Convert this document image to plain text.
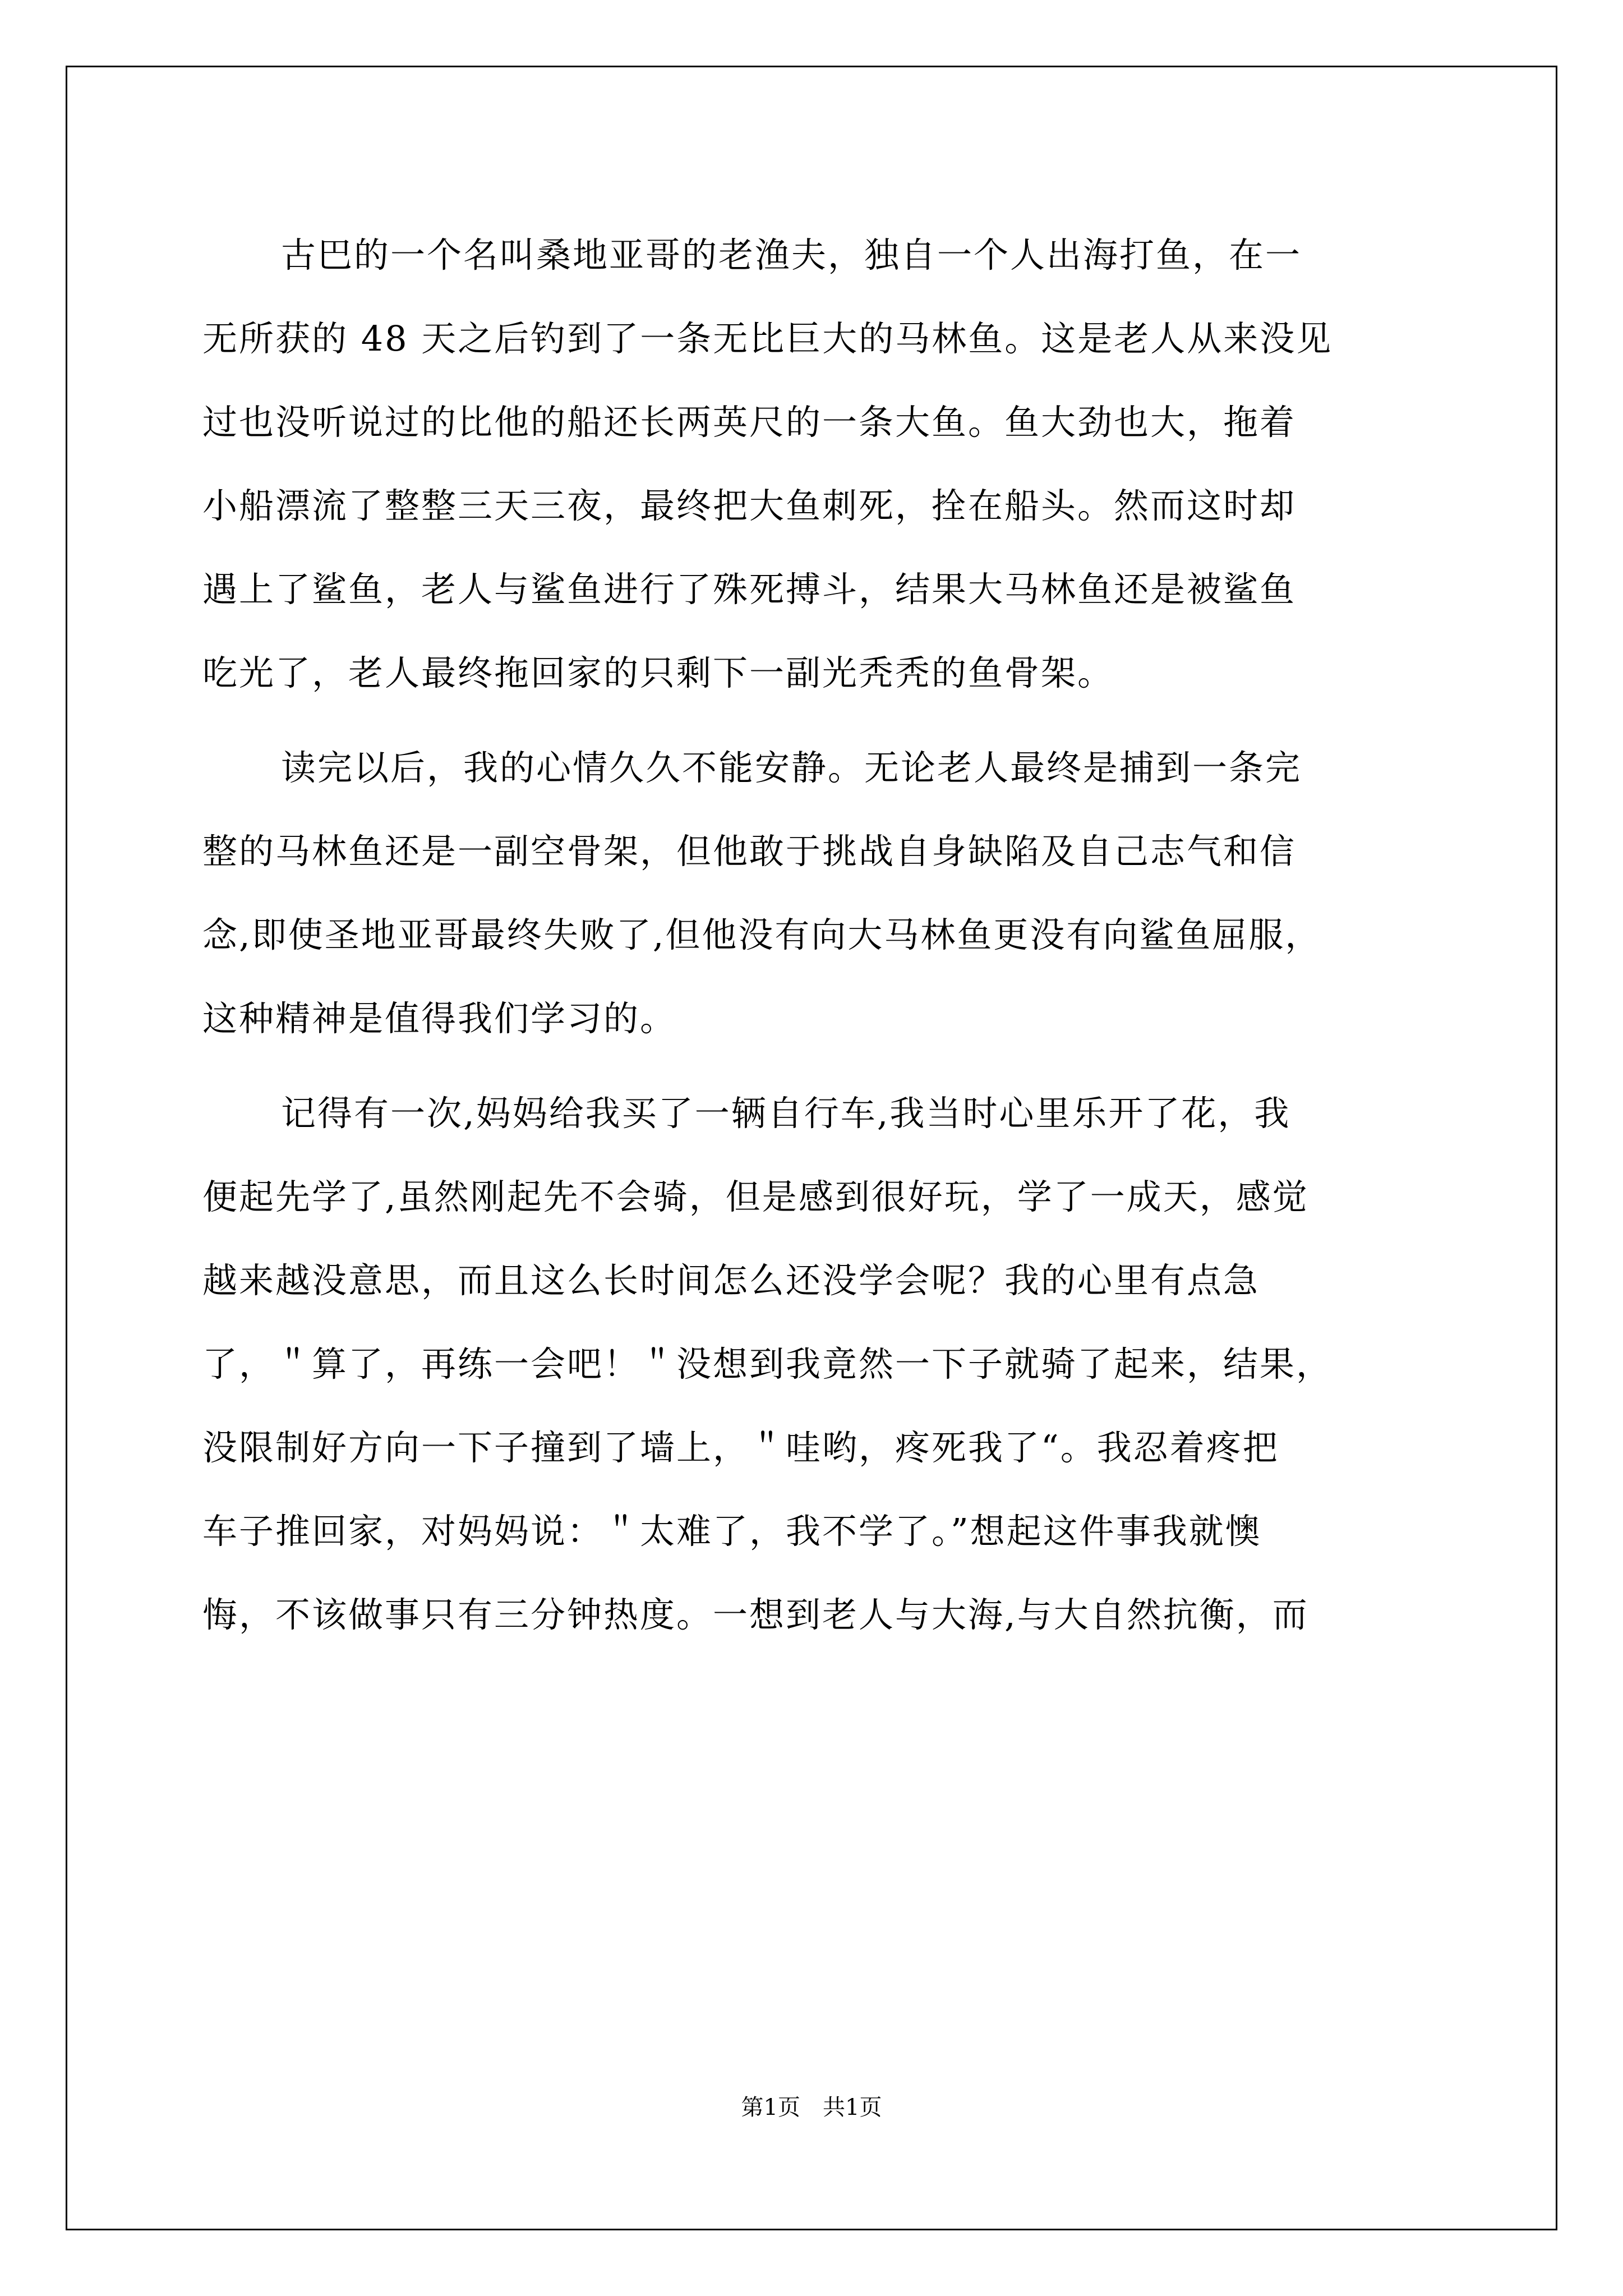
古巴的一个名叫桑地亚哥的老渔夫，独自一个人出海打鱼，在一
无所获的 48 天之后钓到了一条无比巨大的马林鱼。这是老人从来没见
过也没听说过的比他的船还长两英尺的一条大鱼。鱼大劲也大，拖着
小船漂流了整整三天三夜，最终把大鱼刺死，拴在船头。然而这时却
遇上了鲨鱼，老人与鲨鱼进行了殊死搏斗，结果大马林鱼还是被鲨鱼
吃光了，老人最终拖回家的只剩下一副光秃秃的鱼骨架。
读完以后，我的心情久久不能安静。无论老人最终是捕到一条完
整的马林鱼还是一副空骨架，但他敢于挑战自身缺陷及自己志气和信
念,即使圣地亚哥最终失败了,但他没有向大马林鱼更没有向鲨鱼屈服，
这种精神是值得我们学习的。
记得有一次,妈妈给我买了一辆自行车,我当时心里乐开了花，我
便起先学了,虽然刚起先不会骑，但是感到很好玩，学了一成天，感觉
越来越没意思，而且这么长时间怎么还没学会呢？我的心里有点急
了，＂算了，再练一会吧！＂没想到我竟然一下子就骑了起来，结果，
没限制好方向一下子撞到了墙上，＂哇哟，疼死我了“。我忍着疼把
车子推回家，对妈妈说：＂太难了，我不学了。”想起这件事我就懊
悔，不该做事只有三分钟热度。一想到老人与大海,与大自然抗衡，而
第1页　共1页
